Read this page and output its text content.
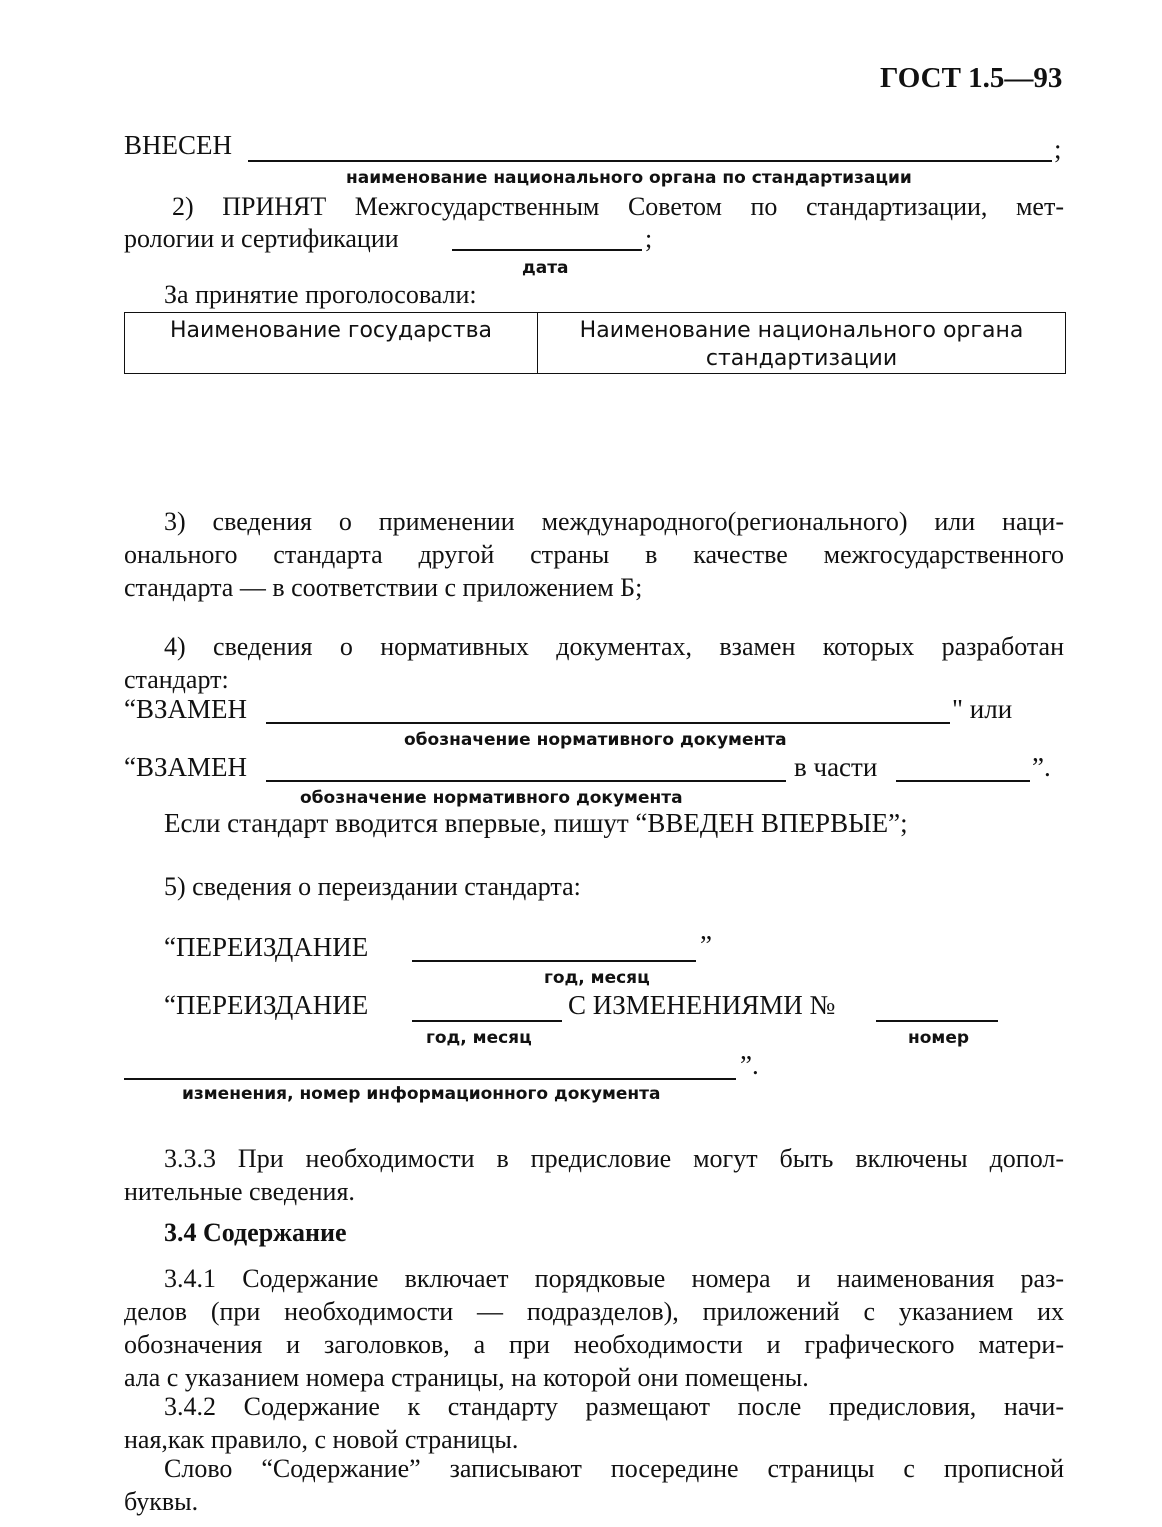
ГОСТ 1.5—93
ВНЕСЕН	;
наименование национального органа по стандартизации
2) ПРИНЯТ Межгосударственным Советом по стандартизации, мет-
рологии и сертификации	;
дата
За принятие проголосовали:
Наименование государства	Наименование национального органа стандартизации
3) сведения о применении международного(регионального) или наци-
онального стандарта другой страны в качестве межгосударственного
стандарта — в соответствии с приложением Б;
4) сведения о нормативных документах, взамен которых разработан
стандарт:
“ВЗАМЕН	" или
обозначение нормативного документа
“ВЗАМЕН	в части	”.
обозначение нормативного документа
Если стандарт вводится впервые, пишут “ВВЕДЕН ВПЕРВЫЕ”;
5) сведения о переиздании стандарта:
“ПЕРЕИЗДАНИЕ	”
год, месяц
“ПЕРЕИЗДАНИЕ	С ИЗМЕНЕНИЯМИ №
год, месяц	номер
”.
изменения, номер информационного документа
3.3.3 При необходимости в предисловие могут быть включены допол-
нительные сведения.
3.4 Содержание
3.4.1 Содержание включает порядковые номера и наименования раз-
делов (при необходимости — подразделов), приложений с указанием их
обозначения и заголовков, а при необходимости и графического матери-
ала с указанием номера страницы, на которой они помещены.
3.4.2 Содержание к стандарту размещают после предисловия, начи-
ная,как правило, с новой страницы.
Слово “Содержание” записывают посередине страницы с прописной
буквы.
